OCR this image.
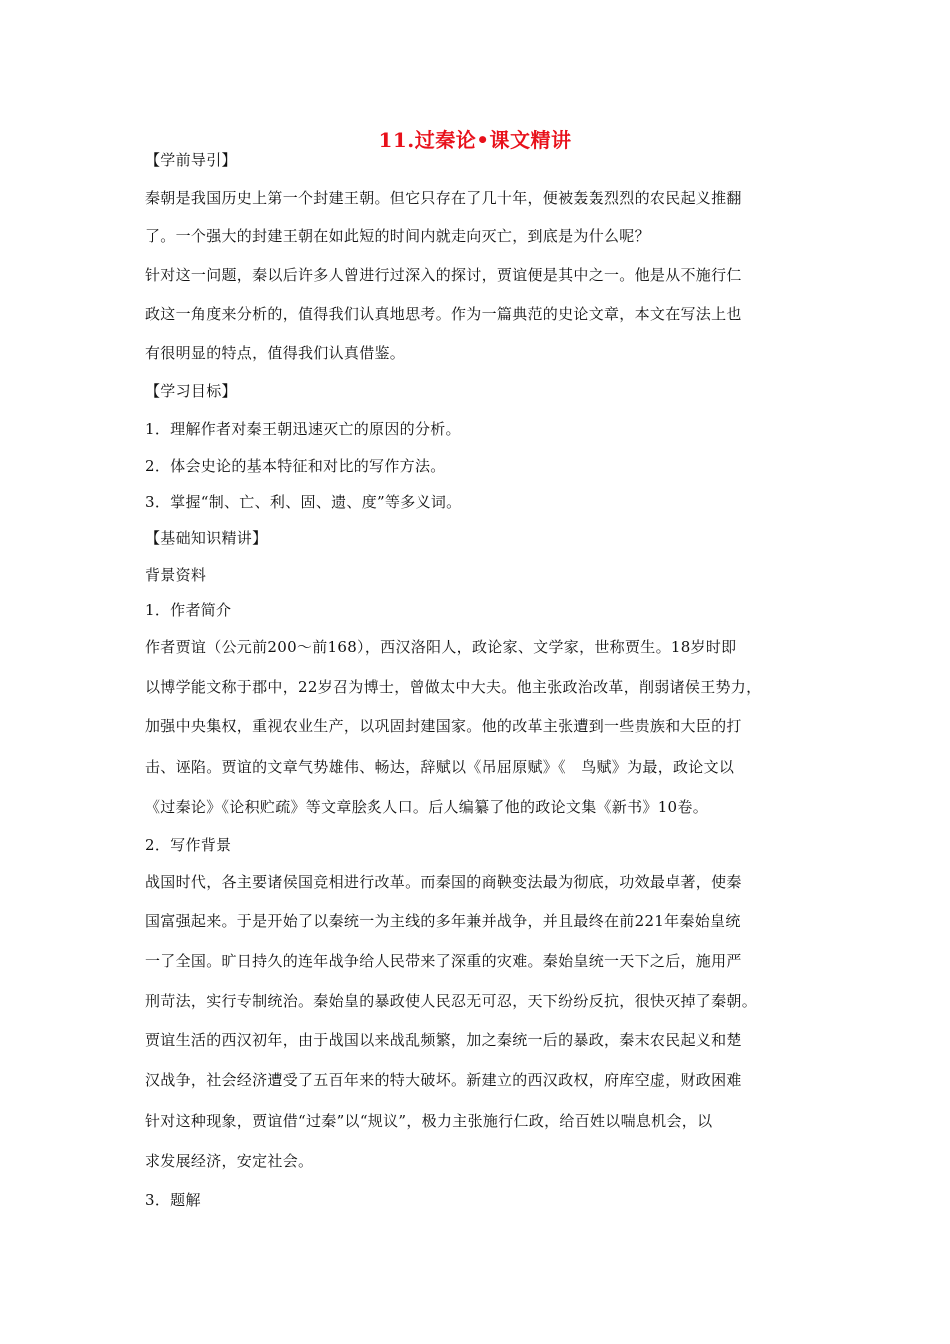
11.过秦论•课文精讲
【学前导引】
秦朝是我国历史上第一个封建王朝。但它只存在了几十年，便被轰轰烈烈的农民起义推翻
了。一个强大的封建王朝在如此短的时间内就走向灭亡，到底是为什么呢？
针对这一问题，秦以后许多人曾进行过深入的探讨，贾谊便是其中之一。他是从不施行仁
政这一角度来分析的，值得我们认真地思考。作为一篇典范的史论文章，本文在写法上也
有很明显的特点，值得我们认真借鉴。
【学习目标】
1．理解作者对秦王朝迅速灭亡的原因的分析。
2．体会史论的基本特征和对比的写作方法。
3．掌握“制、亡、利、固、遗、度”等多义词。
【基础知识精讲】
背景资料
1．作者简介
作者贾谊（公元前200～前168），西汉洛阳人，政论家、文学家，世称贾生。18岁时即
以博学能文称于郡中，22岁召为博士，曾做太中大夫。他主张政治改革，削弱诸侯王势力，
加强中央集权，重视农业生产，以巩固封建国家。他的改革主张遭到一些贵族和大臣的打
击、诬陷。贾谊的文章气势雄伟、畅达，辞赋以《吊屈原赋》《　鸟赋》为最，政论文以
《过秦论》《论积贮疏》等文章脍炙人口。后人编纂了他的政论文集《新书》10卷。
2．写作背景
战国时代，各主要诸侯国竞相进行改革。而秦国的商鞅变法最为彻底，功效最卓著，使秦
国富强起来。于是开始了以秦统一为主线的多年兼并战争，并且最终在前221年秦始皇统
一了全国。旷日持久的连年战争给人民带来了深重的灾难。秦始皇统一天下之后，施用严
刑苛法，实行专制统治。秦始皇的暴政使人民忍无可忍，天下纷纷反抗，很快灭掉了秦朝。
贾谊生活的西汉初年，由于战国以来战乱频繁，加之秦统一后的暴政，秦末农民起义和楚
汉战争，社会经济遭受了五百年来的特大破坏。新建立的西汉政权，府库空虚，财政困难
针对这种现象，贾谊借“过秦”以“规议”，极力主张施行仁政，给百姓以喘息机会，以
求发展经济，安定社会。
3．题解
